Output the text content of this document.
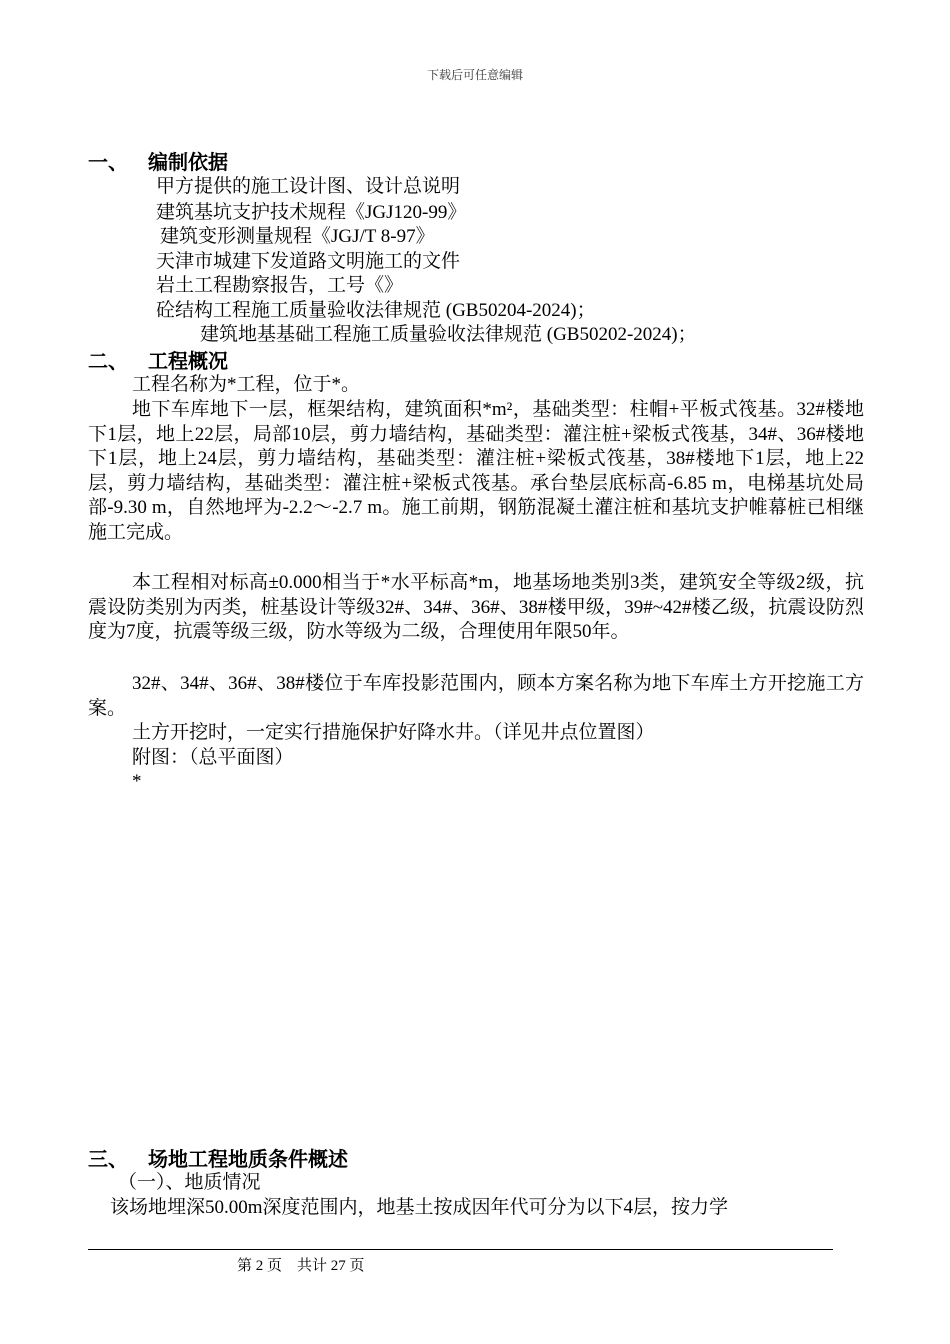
下载后可任意编辑
一、 编制依据
甲方提供的施工设计图、设计总说明
建筑基坑支护技术规程《JGJ120-99》
建筑变形测量规程《JGJ/T 8-97》
天津市城建下发道路文明施工的文件
岩土工程勘察报告，工号《》
砼结构工程施工质量验收法律规范 (GB50204-2024)；
建筑地基基础工程施工质量验收法律规范 (GB50202-2024)；
二、 工程概况
工程名称为*工程，位于*。
地下车库地下一层，框架结构，建筑面积*m²，基础类型：柱帽+平板式筏基。32#楼地下1层，地上22层，局部10层，剪力墙结构，基础类型：灌注桩+梁板式筏基，34#、36#楼地下1层，地上24层，剪力墙结构，基础类型：灌注桩+梁板式筏基，38#楼地下1层，地上22层，剪力墙结构，基础类型：灌注桩+梁板式筏基。承台垫层底标高-6.85 m，电梯基坑处局部-9.30 m，自然地坪为-2.2～-2.7 m。施工前期，钢筋混凝土灌注桩和基坑支护帷幕桩已相继施工完成。
本工程相对标高±0.000相当于*水平标高*m，地基场地类别3类，建筑安全等级2级，抗震设防类别为丙类，桩基设计等级32#、34#、36#、38#楼甲级，39#~42#楼乙级，抗震设防烈度为7度，抗震等级三级，防水等级为二级，合理使用年限50年。
32#、34#、36#、38#楼位于车库投影范围内，顾本方案名称为地下车库土方开挖施工方案。
土方开挖时，一定实行措施保护好降水井。（详见井点位置图）
附图：（总平面图）
*
三、 场地工程地质条件概述
（一）、地质情况
该场地埋深50.00m深度范围内，地基土按成因年代可分为以下4层，按力学
第 2 页    共计 27 页
